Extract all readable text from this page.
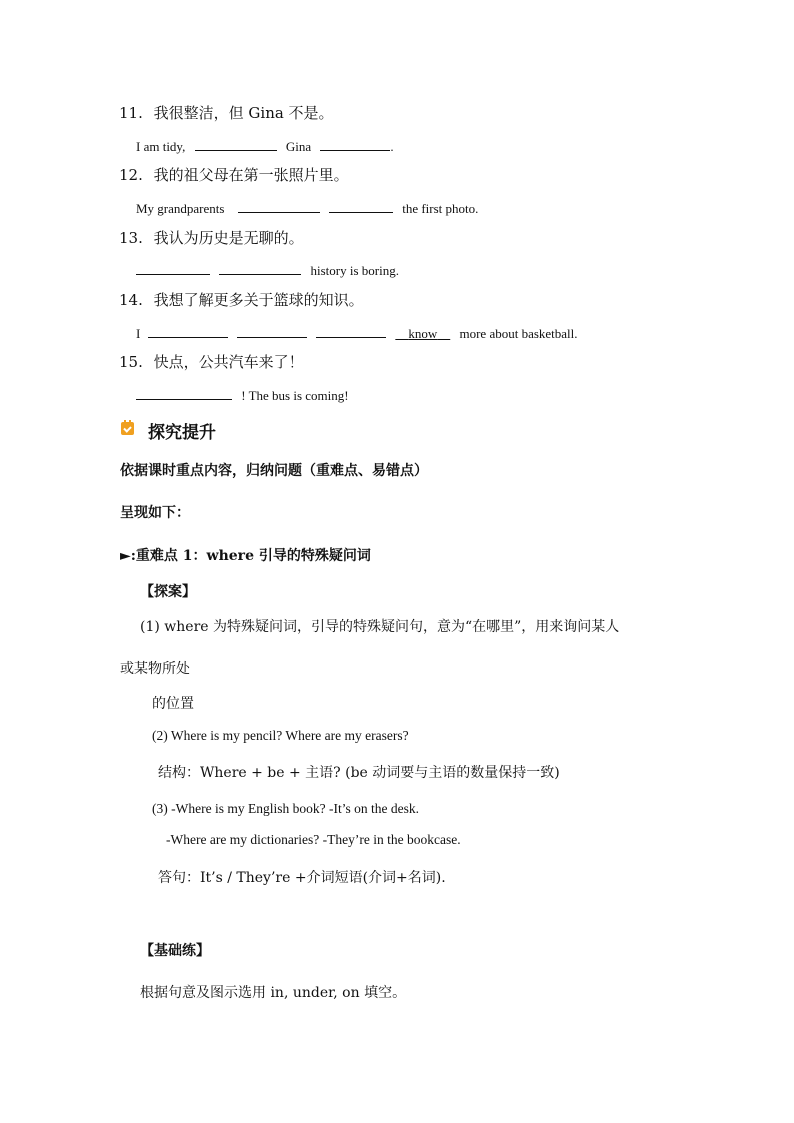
11. 我很整洁，但 Gina 不是。
I am tidy,	Gina	.
12. 我的祖父母在第一张照片里。
My grandparents	the first photo.
13. 我认为历史是无聊的。
history is boring.
14. 我想了解更多关于篮球的知识。
I	know more about basketball.
15. 快点，公共汽车来了！
! The bus is coming!
探究提升
依据课时重点内容，归纳问题（重难点、易错点）
呈现如下：
►:重难点 1：where 引导的特殊疑问词
【探案】
(1) where 为特殊疑问词，引导的特殊疑问句，意为“在哪里”，用来询问某人
或某物所处
的位置
(2) Where is my pencil? Where are my erasers?
结构：Where + be + 主语? (be 动词要与主语的数量保持一致)
(3) -Where is my English book? -It’s on the desk.
-Where are my dictionaries? -They’re in the bookcase.
答句：It’s / They’re +介词短语(介词+名词).
【基础练】
根据句意及图示选用 in, under, on 填空。
